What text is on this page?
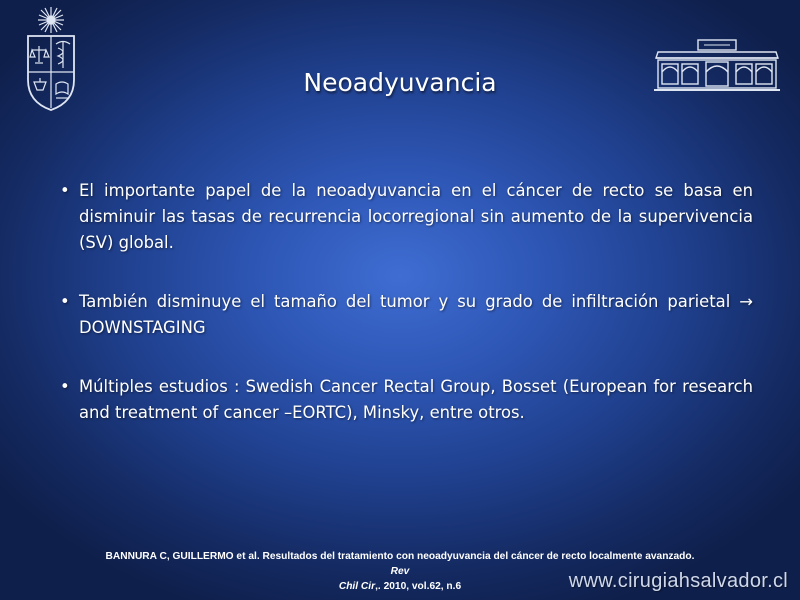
Neoadyuvancia
• El importante papel de la neoadyuvancia en el cáncer de recto se basa en disminuir las tasas de recurrencia locorregional sin aumento de la supervivencia (SV) global.
• También disminuye el tamaño del tumor y su grado de infiltración parietal → DOWNSTAGING
• Múltiples estudios : Swedish Cancer Rectal Group, Bosset (European for research and treatment of cancer –EORTC), Minsky, entre otros.
BANNURA C, GUILLERMO et al. Resultados del tratamiento con neoadyuvancia del cáncer de recto localmente avanzado. Rev
Chil Cir,. 2010, vol.62, n.6	www.cirugiahsalvador.cl
